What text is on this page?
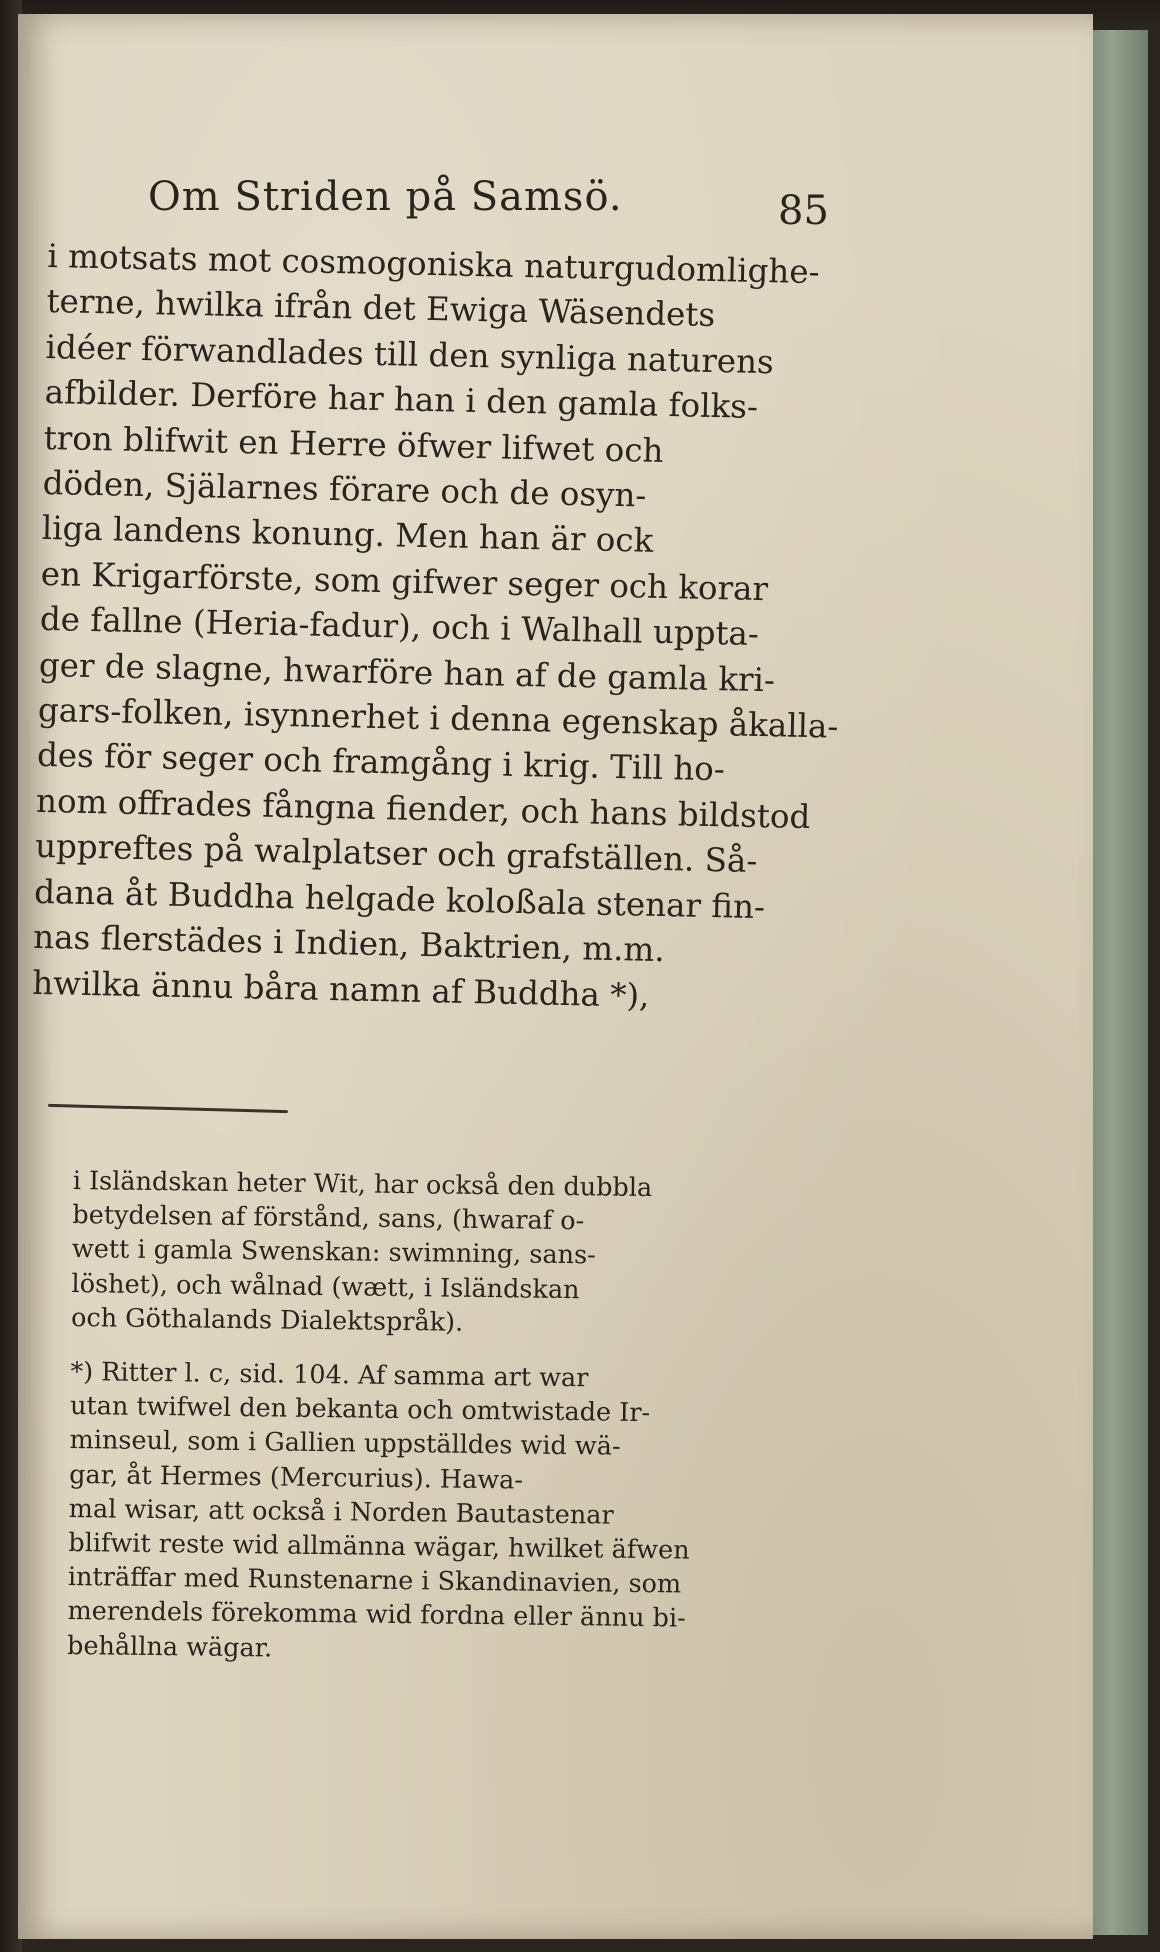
Om Striden på Samsö.	85
i motsats mot cosmogoniska naturgudomlighe-
terne, hwilka ifrån det Ewiga Wäsendets
idéer förwandlades till den synliga naturens
afbilder. Derföre har han i den gamla folks-
tron blifwit en Herre öfwer lifwet och
döden, Själarnes förare och de osyn-
liga landens konung. Men han är ock
en Krigarförste, som gifwer seger och korar
de fallne (Heria-fadur), och i Walhall uppta-
ger de slagne, hwarföre han af de gamla kri-
gars-folken, isynnerhet i denna egenskap åkalla-
des för seger och framgång i krig. Till ho-
nom offrades fångna fiender, och hans bildstod
uppreftes på walplatser och grafställen. Så-
dana åt Buddha helgade koloßala stenar fin-
nas flerstädes i Indien, Baktrien, m.m.
hwilka ännu båra namn af Buddha *),
i Isländskan heter Wit, har också den dubbla
betydelsen af förstånd, sans, (hwaraf o-
wett i gamla Swenskan: swimning, sans-
löshet), och wålnad (wætt, i Isländskan
och Göthalands Dialektspråk).
*) Ritter l. c, sid. 104. Af samma art war
utan twifwel den bekanta och omtwistade Ir-
minseul, som i Gallien uppställdes wid wä-
gar, åt Hermes (Mercurius). Hawa-
mal wisar, att också i Norden Bautastenar
blifwit reste wid allmänna wägar, hwilket äfwen
inträffar med Runstenarne i Skandinavien, som
merendels förekomma wid fordna eller ännu bi-
behållna wägar.
